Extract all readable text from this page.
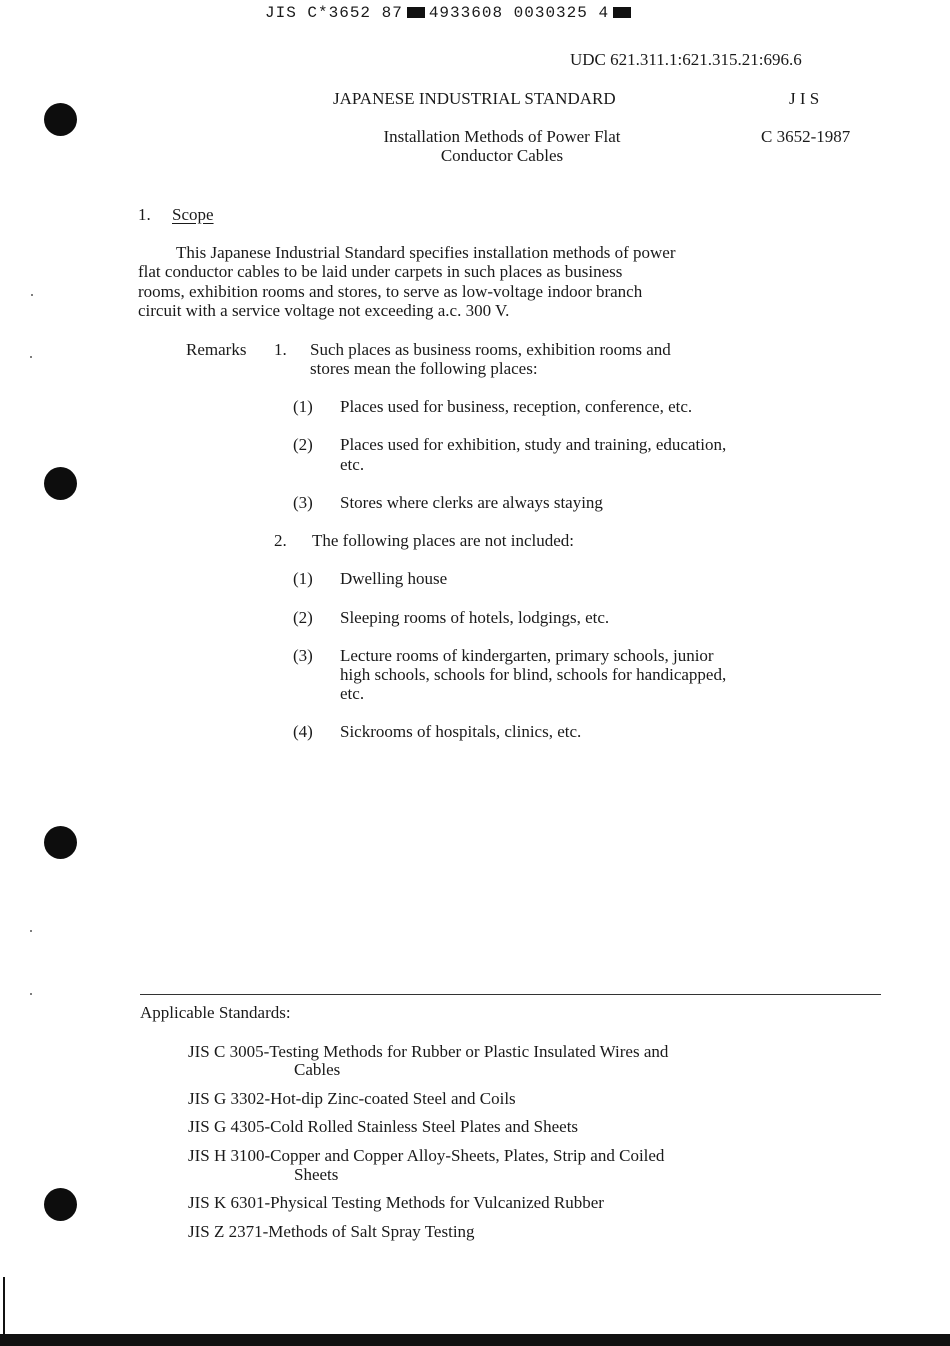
JIS C*3652 87 4933608 0030325 4
UDC 621.311.1:621.315.21:696.6
JAPANESE INDUSTRIAL STANDARD	J I S
Installation Methods of Power Flat
Conductor Cables
C 3652-1987
1. Scope
This Japanese Industrial Standard specifies installation methods of power
flat conductor cables to be laid under carpets in such places as business
rooms, exhibition rooms and stores, to serve as low-voltage indoor branch
circuit with a service voltage not exceeding a.c. 300 V.
Remarks 1. Such places as business rooms, exhibition rooms and
stores mean the following places:
(1) Places used for business, reception, conference, etc.
(2) Places used for exhibition, study and training, education,
etc.
(3) Stores where clerks are always staying
2. The following places are not included:
(1) Dwelling house
(2) Sleeping rooms of hotels, lodgings, etc.
(3) Lecture rooms of kindergarten, primary schools, junior
high schools, schools for blind, schools for handicapped,
etc.
(4) Sickrooms of hospitals, clinics, etc.
Applicable Standards:
JIS C 3005-Testing Methods for Rubber or Plastic Insulated Wires and
Cables
JIS G 3302-Hot-dip Zinc-coated Steel and Coils
JIS G 4305-Cold Rolled Stainless Steel Plates and Sheets
JIS H 3100-Copper and Copper Alloy-Sheets, Plates, Strip and Coiled
Sheets
JIS K 6301-Physical Testing Methods for Vulcanized Rubber
JIS Z 2371-Methods of Salt Spray Testing
